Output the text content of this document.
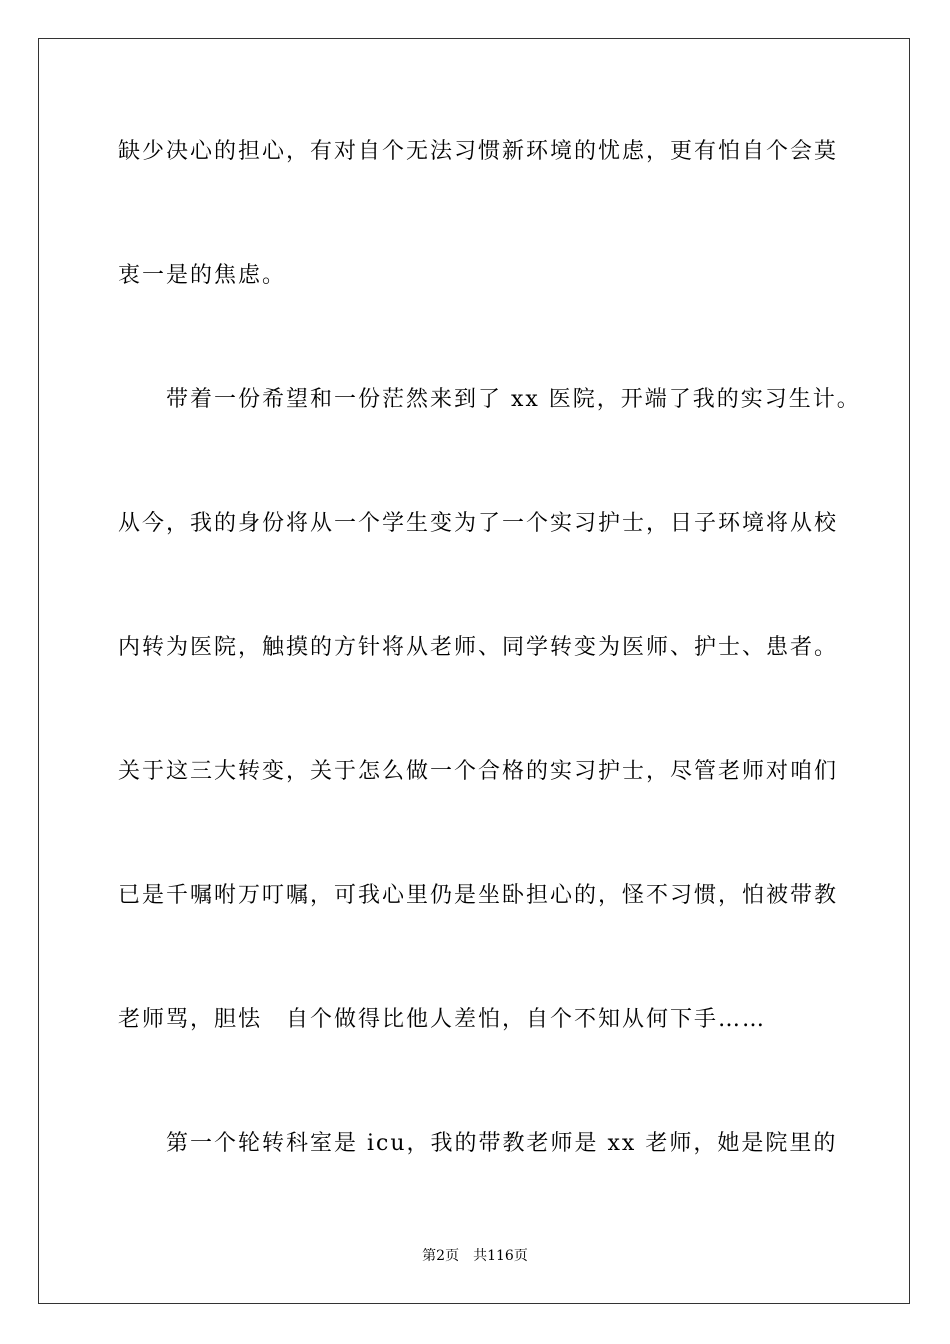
缺少决心的担心，有对自个无法习惯新环境的忧虑，更有怕自个会莫
衷一是的焦虑。
　　带着一份希望和一份茫然来到了 xx 医院，开端了我的实习生计。
从今，我的身份将从一个学生变为了一个实习护士，日子环境将从校
内转为医院，触摸的方针将从老师、同学转变为医师、护士、患者。
关于这三大转变，关于怎么做一个合格的实习护士，尽管老师对咱们
已是千嘱咐万叮嘱，可我心里仍是坐卧担心的，怪不习惯，怕被带教
老师骂，胆怯　自个做得比他人差怕，自个不知从何下手……
　　第一个轮转科室是 icu，我的带教老师是 xx 老师，她是院里的
第2页 共116页
